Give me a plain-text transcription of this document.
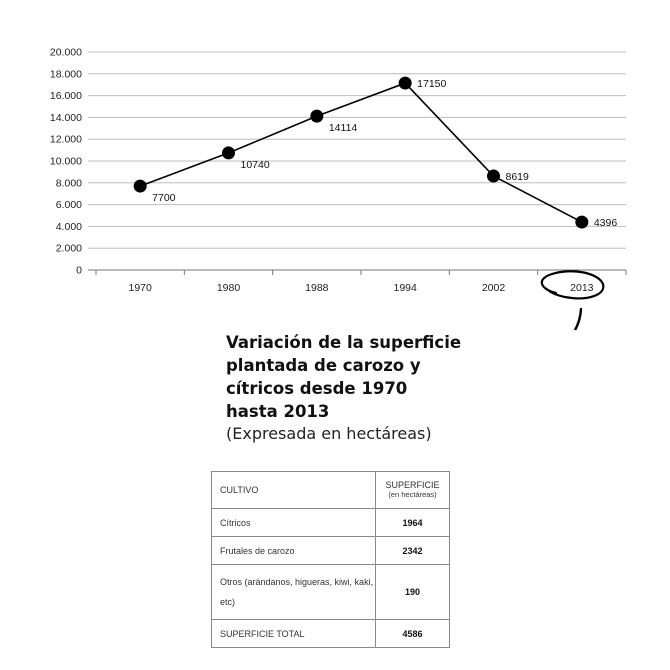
0
2.000
4.000
6.000
8.000
10.000
12.000
14.000
16.000
18.000
20.000
1970	1980	1988	1994	2002	2013
7700
10740
14114
17150
8619
4396
Variación de la superficie
plantada de carozo y
cítricos desde 1970
hasta 2013
(Expresada en hectáreas)
CULTIVO	SUPERFICIE
(en hectáreas)

Cítricos	1964
Frutales de carozo	2342
Otros (arándanos, higueras, kiwi, kaki, etc)	190
SUPERFICIE TOTAL	4586
